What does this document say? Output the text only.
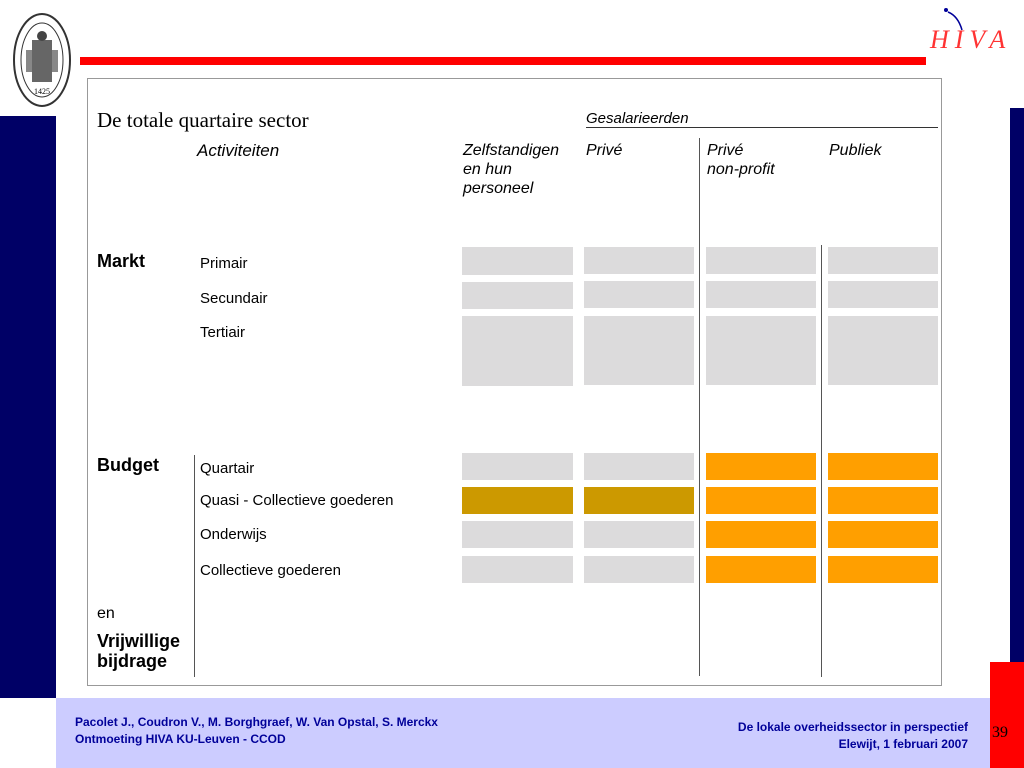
1425
HIVA
De totale quartaire sector
Activiteiten
Gesalarieerden
Zelfstandigen
en hun
personeel
Privé	Privé
non-profit
Publiek
Markt
Budget
en
Vrijwillige
bijdrage
Primair
Secundair
Tertiair
Quartair
Quasi - Collectieve goederen
Onderwijs
Collectieve goederen
Pacolet J., Coudron V., M. Borghgraef, W. Van Opstal, S. Merckx
Ontmoeting HIVA KU-Leuven - CCOD
De lokale overheidssector in perspectief
Elewijt, 1 februari 2007
39
